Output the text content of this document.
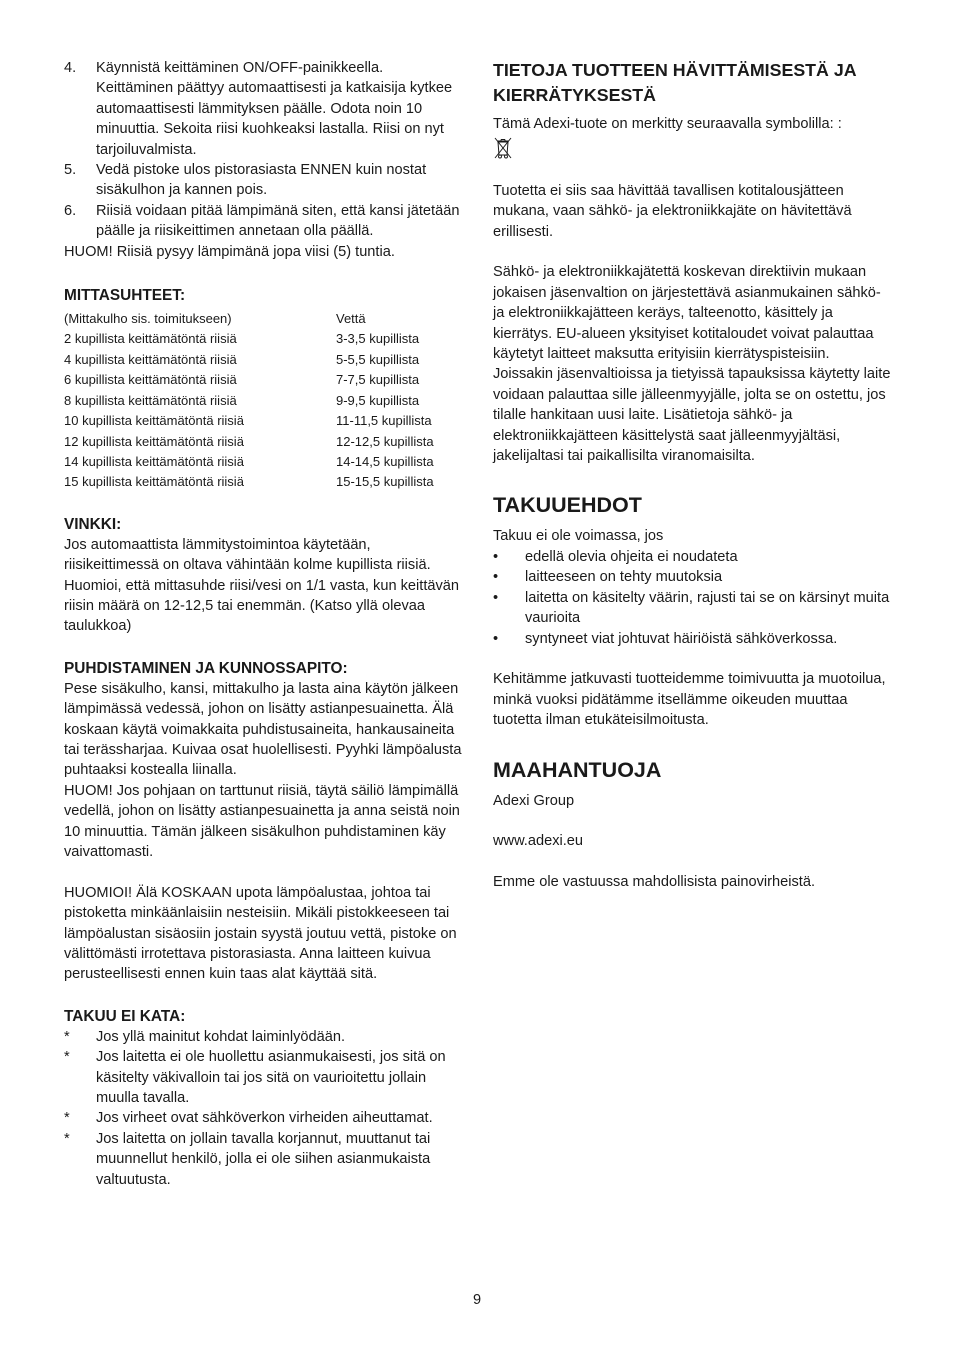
4. Käynnistä keittäminen ON/OFF-painikkeella. Keittäminen päättyy automaattisesti ja katkaisija kytkee automaattisesti lämmityksen päälle. Odota noin 10 minuuttia. Sekoita riisi kuohkeaksi lastalla. Riisi on nyt tarjoiluvalmista.
5. Vedä pistoke ulos pistorasiasta ENNEN kuin nostat sisäkulhon ja kannen pois.
6. Riisiä voidaan pitää lämpimänä siten, että kansi jätetään päälle ja riisikeittimen annetaan olla päällä.

HUOM! Riisiä pysyy lämpimänä jopa viisi (5) tuntia.

MITTASUHTEET:
(Mittakulho sis. toimitukseen)	Vettä
2 kupillista keittämätöntä riisiä	3-3,5 kupillista
4 kupillista keittämätöntä riisiä	5-5,5 kupillista
6 kupillista keittämätöntä riisiä	7-7,5 kupillista
8 kupillista keittämätöntä riisiä	9-9,5 kupillista
10 kupillista keittämätöntä riisiä	11-11,5 kupillista
12 kupillista keittämätöntä riisiä	12-12,5 kupillista
14 kupillista keittämätöntä riisiä	14-14,5 kupillista
15 kupillista keittämätöntä riisiä	15-15,5 kupillista
VINKKI:

Jos automaattista lämmitystoimintoa käytetään, riisikeittimessä on oltava vähintään kolme kupillista riisiä. Huomioi, että mittasuhde riisi/vesi on 1/1 vasta, kun keittävän riisin määrä on 12-12,5 tai enemmän. (Katso yllä olevaa taulukkoa)

PUHDISTAMINEN JA KUNNOSSAPITO:

Pese sisäkulho, kansi, mittakulho ja lasta aina käytön jälkeen lämpimässä vedessä, johon on lisätty astianpesuainetta. Älä koskaan käytä voimakkaita puhdistusaineita, hankausaineita tai terässharjaa. Kuivaa osat huolellisesti. Pyyhki lämpöalusta puhtaaksi kostealla liinalla.

HUOM! Jos pohjaan on tarttunut riisiä, täytä säiliö lämpimällä vedellä, johon on lisätty astianpesuainetta ja anna seistä noin 10 minuuttia. Tämän jälkeen sisäkulhon puhdistaminen käy vaivattomasti.

HUOMIOI! Älä KOSKAAN upota lämpöalustaa, johtoa tai pistoketta minkäänlaisiin nesteisiin. Mikäli pistokkeeseen tai lämpöalustan sisäosiin jostain syystä joutuu vettä, pistoke on välittömästi irrotettava pistorasiasta. Anna laitteen kuivua perusteellisesti ennen kuin taas alat käyttää sitä.

TAKUU EI KATA:
* Jos yllä mainitut kohdat laiminlyödään.
* Jos laitetta ei ole huollettu asianmukaisesti, jos sitä on käsitelty väkivalloin tai jos sitä on vaurioitettu jollain muulla tavalla.
* Jos virheet ovat sähköverkon virheiden aiheuttamat.
* Jos laitetta on jollain tavalla korjannut, muuttanut tai muunnellut henkilö, jolla ei ole siihen asianmukaista valtuutusta.
TIETOJA TUOTTEEN HÄVITTÄMISESTÄ JA KIERRÄTYKSESTÄ

Tämä Adexi-tuote on merkitty seuraavalla symbolilla: :

Tuotetta ei siis saa hävittää tavallisen kotitalousjätteen mukana, vaan sähkö- ja elektroniikkajäte on hävitettävä erillisesti.

Sähkö- ja elektroniikkajätettä koskevan direktiivin mukaan jokaisen jäsenvaltion on järjestettävä asianmukainen sähkö- ja elektroniikkajätteen keräys, talteenotto, käsittely ja kierrätys. EU-alueen yksityiset kotitaloudet voivat palauttaa käytetyt laitteet maksutta erityisiin kierrätyspisteisiin. Joissakin jäsenvaltioissa ja tietyissä tapauksissa käytetty laite voidaan palauttaa sille jälleenmyyjälle, jolta se on ostettu, jos tilalle hankitaan uusi laite. Lisätietoja sähkö- ja elektroniikkajätteen käsittelystä saat jälleenmyyjältäsi, jakelijaltasi tai paikallisilta viranomaisilta.

TAKUUEHDOT

Takuu ei ole voimassa, jos

• edellä olevia ohjeita ei noudateta
• laitteeseen on tehty muutoksia
• laitetta on käsitelty väärin, rajusti tai se on kärsinyt muita vaurioita
• syntyneet viat johtuvat häiriöistä sähköverkossa.

Kehitämme jatkuvasti tuotteidemme toimivuutta ja muotoilua, minkä vuoksi pidätämme itsellämme oikeuden muuttaa tuotetta ilman etukäteisilmoitusta.

MAAHANTUOJA

Adexi Group

www.adexi.eu

Emme ole vastuussa mahdollisista painovirheistä.

9
